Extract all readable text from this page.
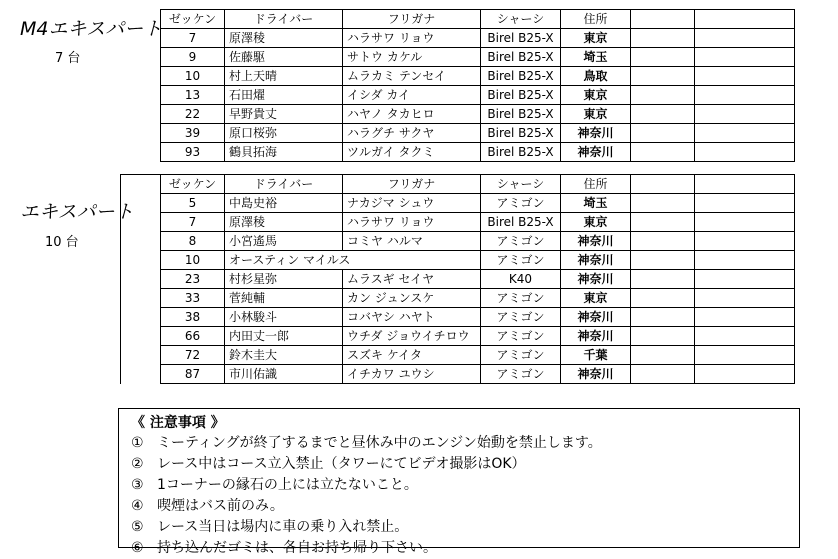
M4エキスパート
7 台
ゼッケン	ドライバー	フリガナ	シャーシ	住所		
7	原澤稜	ハラサワ リョウ	Birel B25-X	東京		
9	佐藤駆	サトウ カケル	Birel B25-X	埼玉		
10	村上天晴	ムラカミ テンセイ	Birel B25-X	鳥取		
13	石田燿	イシダ カイ	Birel B25-X	東京		
22	早野貴丈	ハヤノ タカヒロ	Birel B25-X	東京		
39	原口桜弥	ハラグチ サクヤ	Birel B25-X	神奈川		
93	鶴貝拓海	ツルガイ タクミ	Birel B25-X	神奈川		
エキスパート
10 台
	ゼッケン	ドライバー	フリガナ	シャーシ	住所		
	5	中島史裕	ナカジマ シュウ	アミゴン	埼玉		
	7	原澤稜	ハラサワ リョウ	Birel B25-X	東京		
	8	小宮遙馬	コミヤ ハルマ	アミゴン	神奈川		
	10	オースティン マイルス		アミゴン	神奈川		
	23	村杉星弥	ムラスギ セイヤ	K40	神奈川		
	33	菅純輔	カン ジュンスケ	アミゴン	東京		
	38	小林駿斗	コバヤシ ハヤト	アミゴン	神奈川		
	66	内田丈一郎	ウチダ ジョウイチロウ	アミゴン	神奈川		
	72	鈴木圭大	スズキ ケイタ	アミゴン	千葉		
	87	市川佑識	イチカワ ユウシ	アミゴン	神奈川		
《 注意事項 》
① ミーティングが終了するまでと昼休み中のエンジン始動を禁止します。
② レース中はコース立入禁止（タワーにてビデオ撮影はOK）
③ 1コーナーの縁石の上には立たないこと。
④ 喫煙はバス前のみ。
⑤ レース当日は場内に車の乗り入れ禁止。
⑥ 持ち込んだゴミは、各自お持ち帰り下さい。
